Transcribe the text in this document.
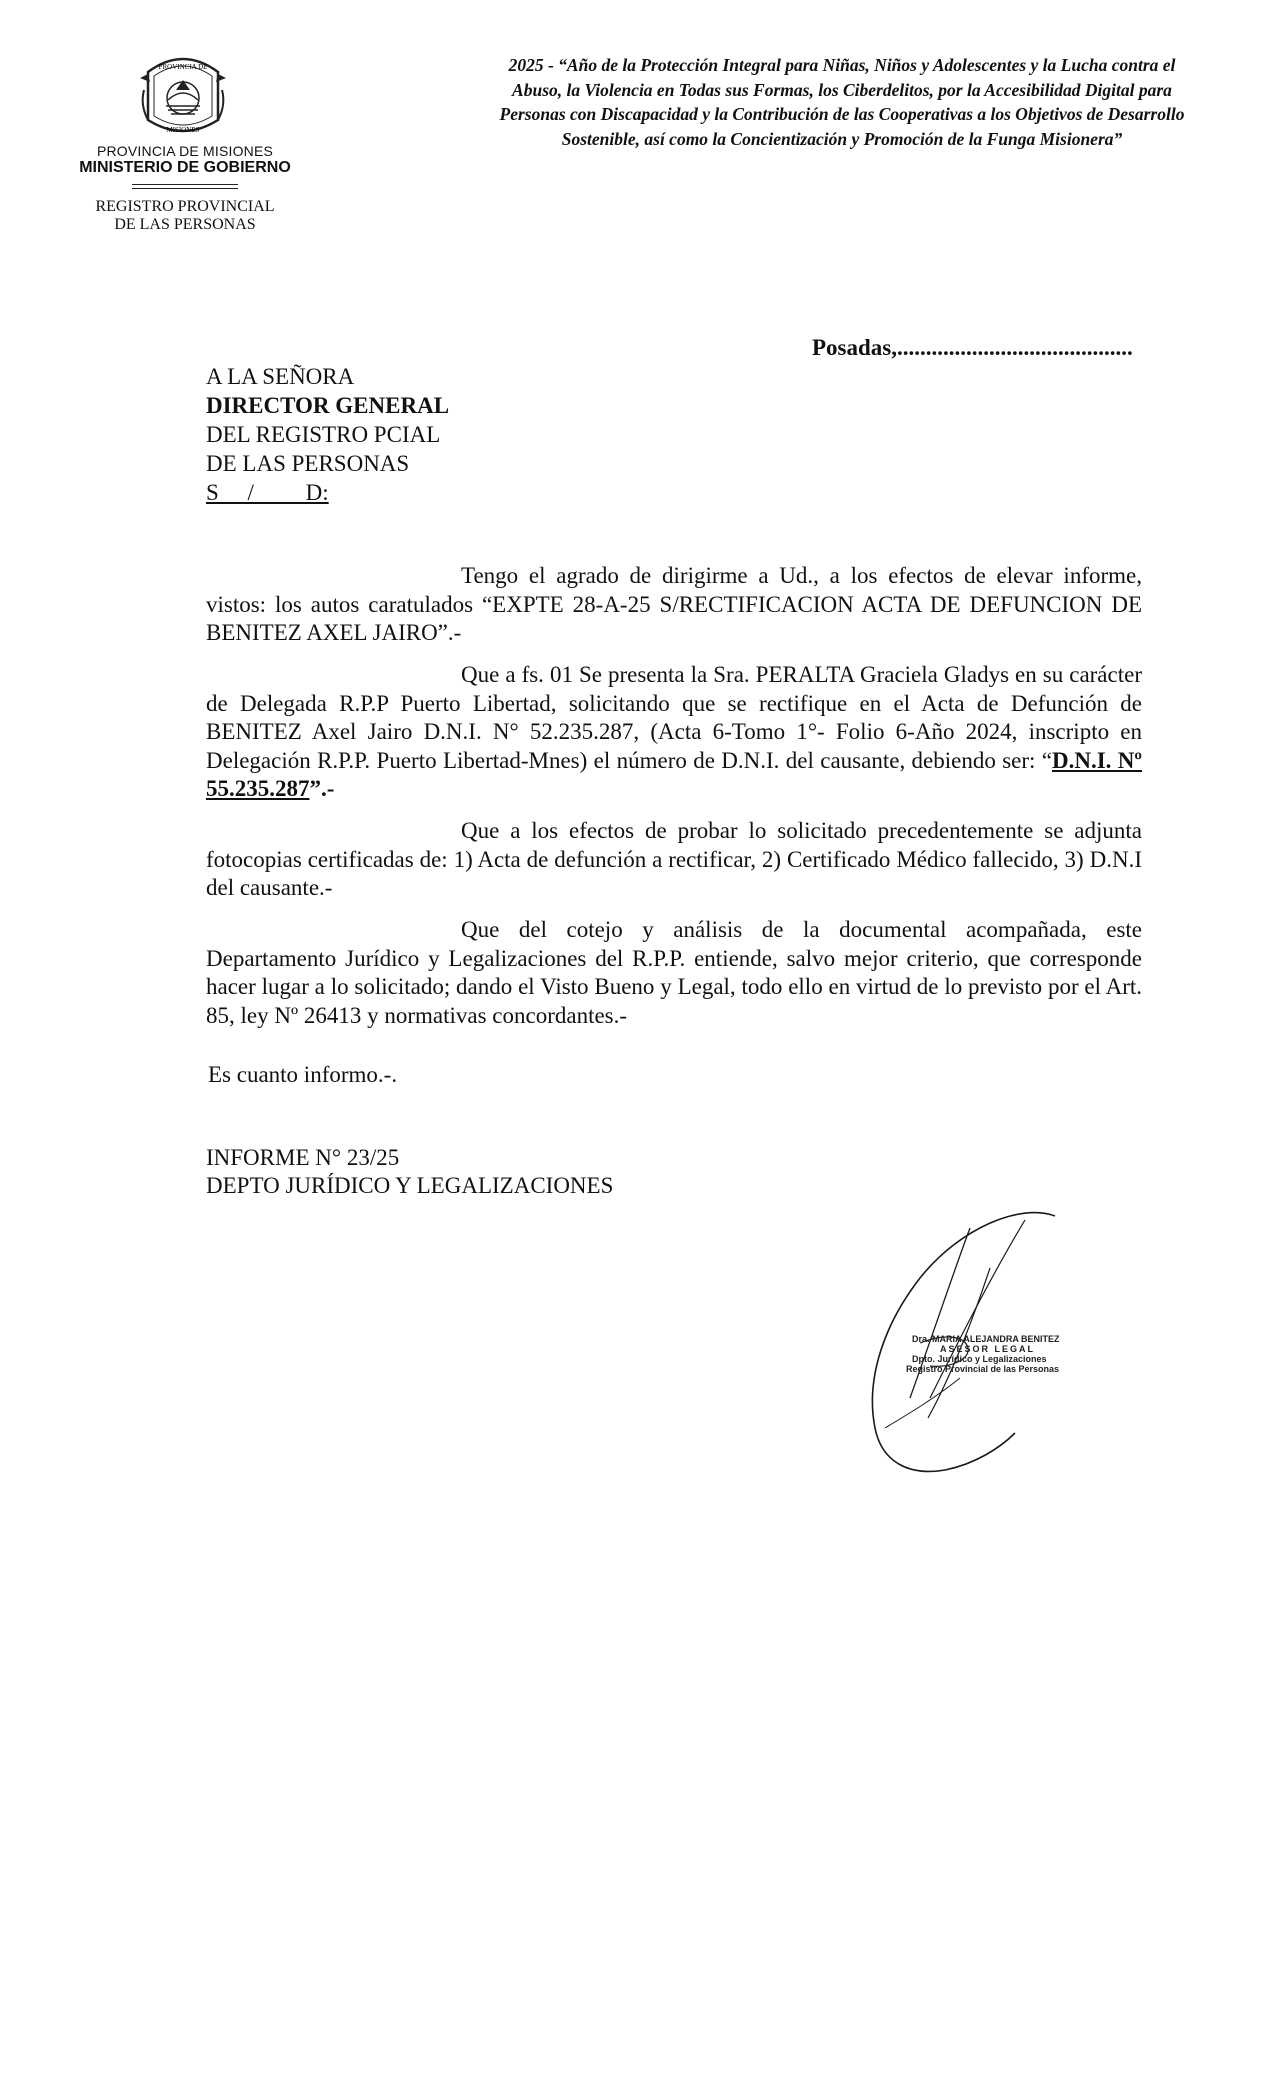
PROVINCIA DE
MISIONES
PROVINCIA DE MISIONES
MINISTERIO DE GOBIERNO
REGISTRO PROVINCIAL
DE LAS PERSONAS
2025 - “Año de la Protección Integral para Niñas, Niños y Adolescentes y la Lucha contra el Abuso, la Violencia en Todas sus Formas, los Ciberdelitos, por la Accesibilidad Digital para Personas con Discapacidad y la Contribución de las Cooperativas a los Objetivos de Desarrollo Sostenible, así como la Concientización y Promoción de la Funga Misionera”
Posadas,.........................................
A LA SEÑORA
DIRECTOR GENERAL
DEL REGISTRO PCIAL
DE LAS PERSONAS
S     /         D:

Tengo el agrado de dirigirme a Ud., a los efectos de elevar informe, vistos: los autos caratulados “EXPTE 28-A-25 S/RECTIFICACION ACTA DE DEFUNCION DE BENITEZ AXEL JAIRO”.-

Que a fs. 01 Se presenta la Sra. PERALTA Graciela Gladys en su carácter de Delegada R.P.P Puerto Libertad, solicitando que se rectifique en el Acta de Defunción de BENITEZ Axel Jairo D.N.I. N° 52.235.287, (Acta 6-Tomo 1°- Folio 6-Año 2024, inscripto en Delegación R.P.P. Puerto Libertad-Mnes) el número de D.N.I. del causante, debiendo ser: “D.N.I. Nº 55.235.287”.-

Que a los efectos de probar lo solicitado precedentemente se adjunta fotocopias certificadas de: 1) Acta de defunción a rectificar, 2) Certificado Médico fallecido, 3) D.N.I del causante.-

Que del cotejo y análisis de la documental acompañada, este Departamento Jurídico y Legalizaciones del R.P.P. entiende, salvo mejor criterio, que corresponde hacer lugar a lo solicitado; dando el Visto Bueno y Legal, todo ello en virtud de lo previsto por el Art. 85, ley Nº 26413 y normativas concordantes.-

Es cuanto informo.-.
INFORME N° 23/25
DEPTO JURÍDICO Y LEGALIZACIONES
Dra. MARIA ALEJANDRA BENITEZ
ASESOR LEGAL
Dpto. Jurídico y Legalizaciones
Registro Provincial de las Personas
